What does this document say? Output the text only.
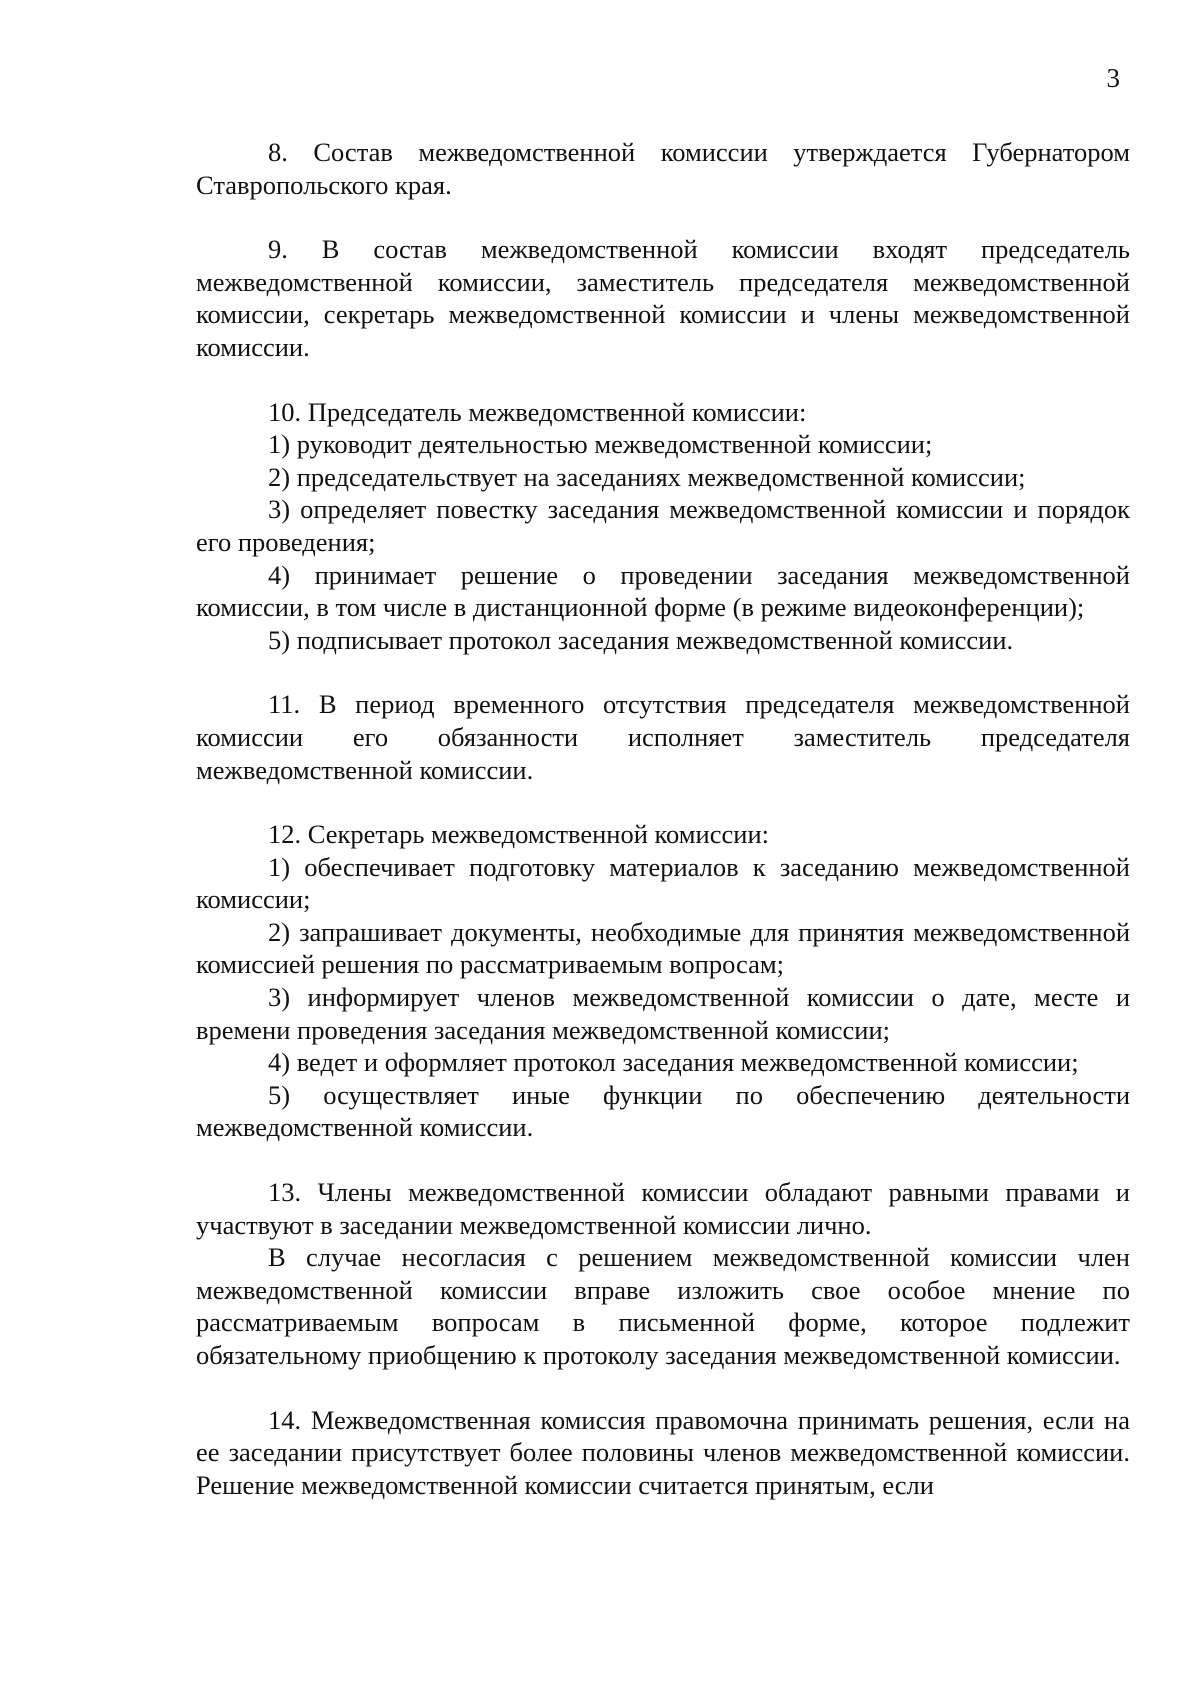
3

8. Состав межведомственной комиссии утверждается Губернатором Ставропольского края.

9. В состав межведомственной комиссии входят председатель межведомственной комиссии, заместитель председателя межведомственной комиссии, секретарь межведомственной комиссии и члены межведомственной комиссии.

10. Председатель межведомственной комиссии:

1) руководит деятельностью межведомственной комиссии;

2) председательствует на заседаниях межведомственной комиссии;

3) определяет повестку заседания межведомственной комиссии и порядок его проведения;

4) принимает решение о проведении заседания межведомственной комиссии, в том числе в дистанционной форме (в режиме видеоконференции);

5) подписывает протокол заседания межведомственной комиссии.

11. В период временного отсутствия председателя межведомственной комиссии его обязанности исполняет заместитель председателя межведомственной комиссии.

12. Секретарь межведомственной комиссии:

1) обеспечивает подготовку материалов к заседанию межведомственной комиссии;

2) запрашивает документы, необходимые для принятия межведомственной комиссией решения по рассматриваемым вопросам;

3) информирует членов межведомственной комиссии о дате, месте и времени проведения заседания межведомственной комиссии;

4) ведет и оформляет протокол заседания межведомственной комиссии;

5) осуществляет иные функции по обеспечению деятельности межведомственной комиссии.

13. Члены межведомственной комиссии обладают равными правами и участвуют в заседании межведомственной комиссии лично.

В случае несогласия с решением межведомственной комиссии член межведомственной комиссии вправе изложить свое особое мнение по рассматриваемым вопросам в письменной форме, которое подлежит обязательному приобщению к протоколу заседания межведомственной комиссии.

14. Межведомственная комиссия правомочна принимать решения, если на ее заседании присутствует более половины членов межведомственной комиссии. Решение межведомственной комиссии считается принятым, если
